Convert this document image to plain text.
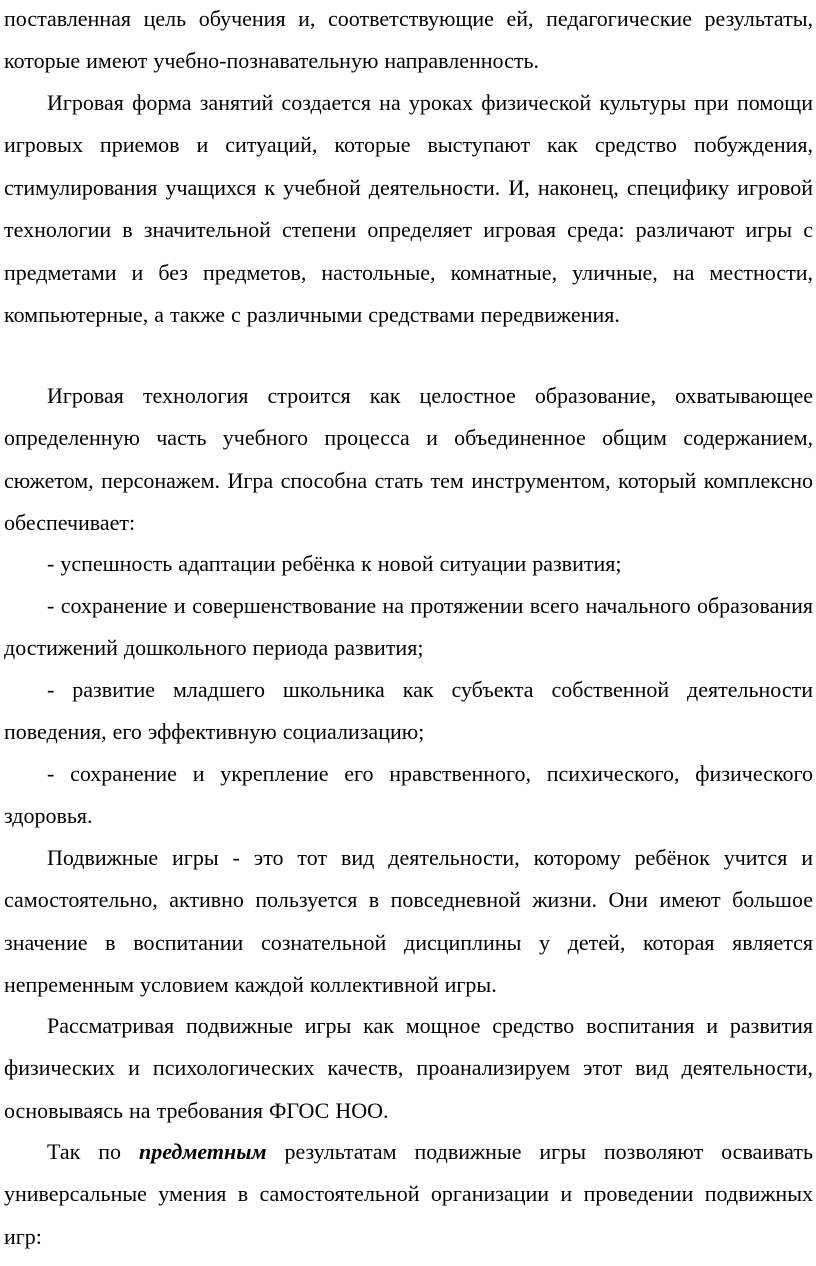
поставленная цель обучения и, соответствующие ей, педагогические результаты, которые имеют учебно-познавательную направленность.

Игровая форма занятий создается на уроках физической культуры при помощи игровых приемов и ситуаций, которые выступают как средство побуждения, стимулирования учащихся к учебной деятельности. И, наконец, специфику игровой технологии в значительной степени определяет игровая среда: различают игры с предметами и без предметов, настольные, комнатные, уличные, на местности, компьютерные, а также с различными средствами передвижения.

Игровая технология строится как целостное образование, охватывающее определенную часть учебного процесса и объединенное общим содержанием, сюжетом, персонажем. Игра способна стать тем инструментом, который комплексно обеспечивает:

- успешность адаптации ребёнка к новой ситуации развития;

- сохранение и совершенствование на протяжении всего начального образования достижений дошкольного периода развития;

- развитие младшего школьника как субъекта собственной деятельности поведения, его эффективную социализацию;

- сохранение и укрепление его нравственного, психического, физического здоровья.

Подвижные игры - это тот вид деятельности, которому ребёнок учится и самостоятельно, активно пользуется в повседневной жизни. Они имеют большое значение в воспитании сознательной дисциплины у детей, которая является непременным условием каждой коллективной игры.

Рассматривая подвижные игры как мощное средство воспитания и развития физических и психологических качеств, проанализируем этот вид деятельности, основываясь на требования ФГОС НОО.

Так по предметным результатам подвижные игры позволяют осваивать универсальные умения в самостоятельной организации и проведении подвижных игр:
